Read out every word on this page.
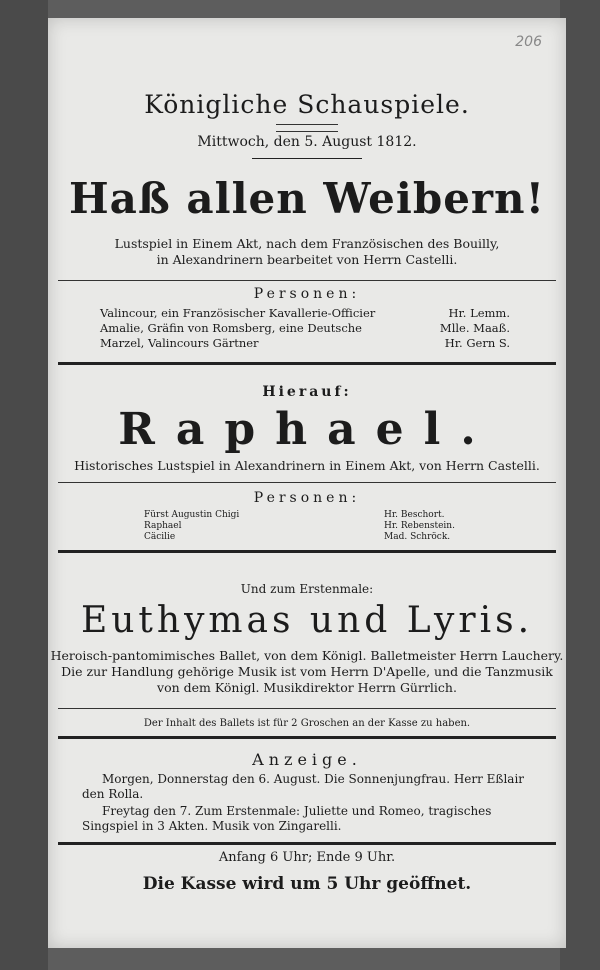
206
Königliche Schauspiele.
Mittwoch, den 5. August 1812.
Haß allen Weibern!
Lustspiel in Einem Akt, nach dem Französischen des Bouilly,
in Alexandrinern bearbeitet von Herrn Castelli.
Personen:
Valincour, ein Französischer Kavallerie-Officier	Hr. Lemm.
Amalie, Gräfin von Romsberg, eine Deutsche	Mlle. Maaß.
Marzel, Valincours Gärtner	Hr. Gern S.
Hierauf:
Raphael.
Historisches Lustspiel in Alexandrinern in Einem Akt, von Herrn Castelli.
Personen:
Fürst Augustin Chigi	Hr. Beschort.
Raphael	Hr. Rebenstein.
Cäcilie	Mad. Schröck.
Und zum Erstenmale:
Euthymas und Lyris.
Heroisch-pantomimisches Ballet, von dem Königl. Balletmeister Herrn Lauchery.
Die zur Handlung gehörige Musik ist vom Herrn D'Apelle, und die Tanzmusik
von dem Königl. Musikdirektor Herrn Gürrlich.
Der Inhalt des Ballets ist für 2 Groschen an der Kasse zu haben.
Anzeige.
Morgen, Donnerstag den 6. August. Die Sonnenjungfrau. Herr Eßlair den Rolla.
Freytag den 7. Zum Erstenmale: Juliette und Romeo, tragisches Singspiel in 3 Akten. Musik von Zingarelli.
Anfang 6 Uhr; Ende 9 Uhr.
Die Kasse wird um 5 Uhr geöffnet.
